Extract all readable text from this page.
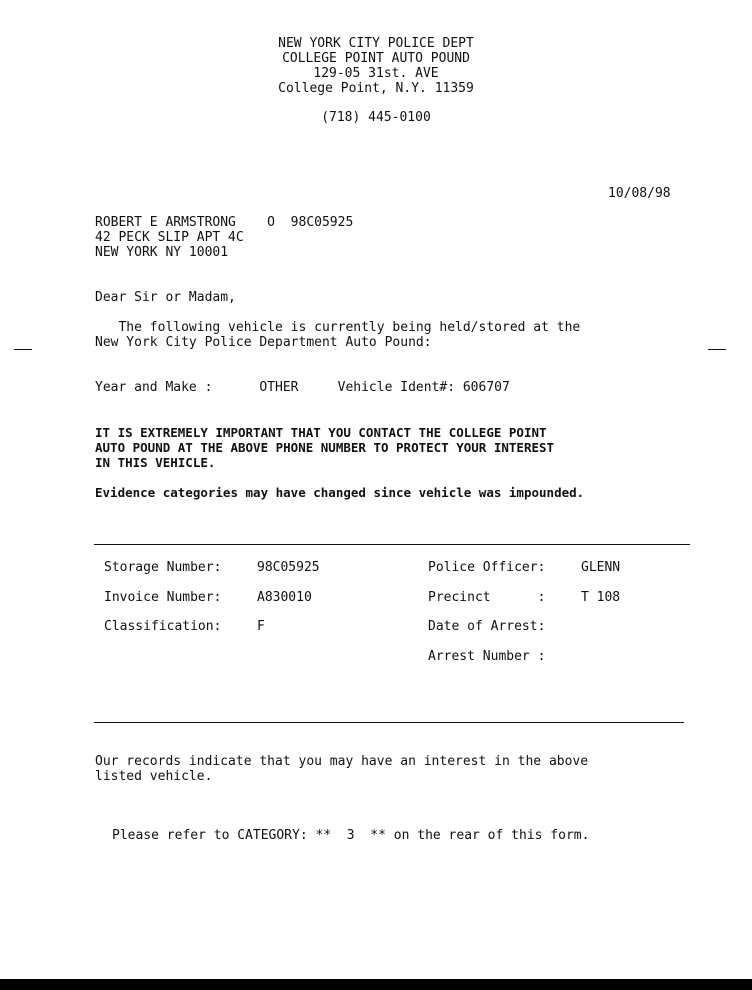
NEW YORK CITY POLICE DEPT
COLLEGE POINT AUTO POUND
129-05 31st. AVE
College Point, N.Y. 11359
(718) 445-0100
10/08/98
ROBERT E ARMSTRONG    O  98C05925
42 PECK SLIP APT 4C
NEW YORK NY 10001
Dear Sir or Madam,
The following vehicle is currently being held/stored at the
New York City Police Department Auto Pound:
Year and Make :      OTHER     Vehicle Ident#: 606707
IT IS EXTREMELY IMPORTANT THAT YOU CONTACT THE COLLEGE POINT
AUTO POUND AT THE ABOVE PHONE NUMBER TO PROTECT YOUR INTEREST
IN THIS VEHICLE.
Evidence categories may have changed since vehicle was impounded.
Storage Number:	98C05925	Police Officer:	GLENN
Invoice Number:	A830010	Precinct      :	T 108
Classification:	F	Date of Arrest:
Arrest Number :
Our records indicate that you may have an interest in the above
listed vehicle.
Please refer to CATEGORY: **  3  ** on the rear of this form.
